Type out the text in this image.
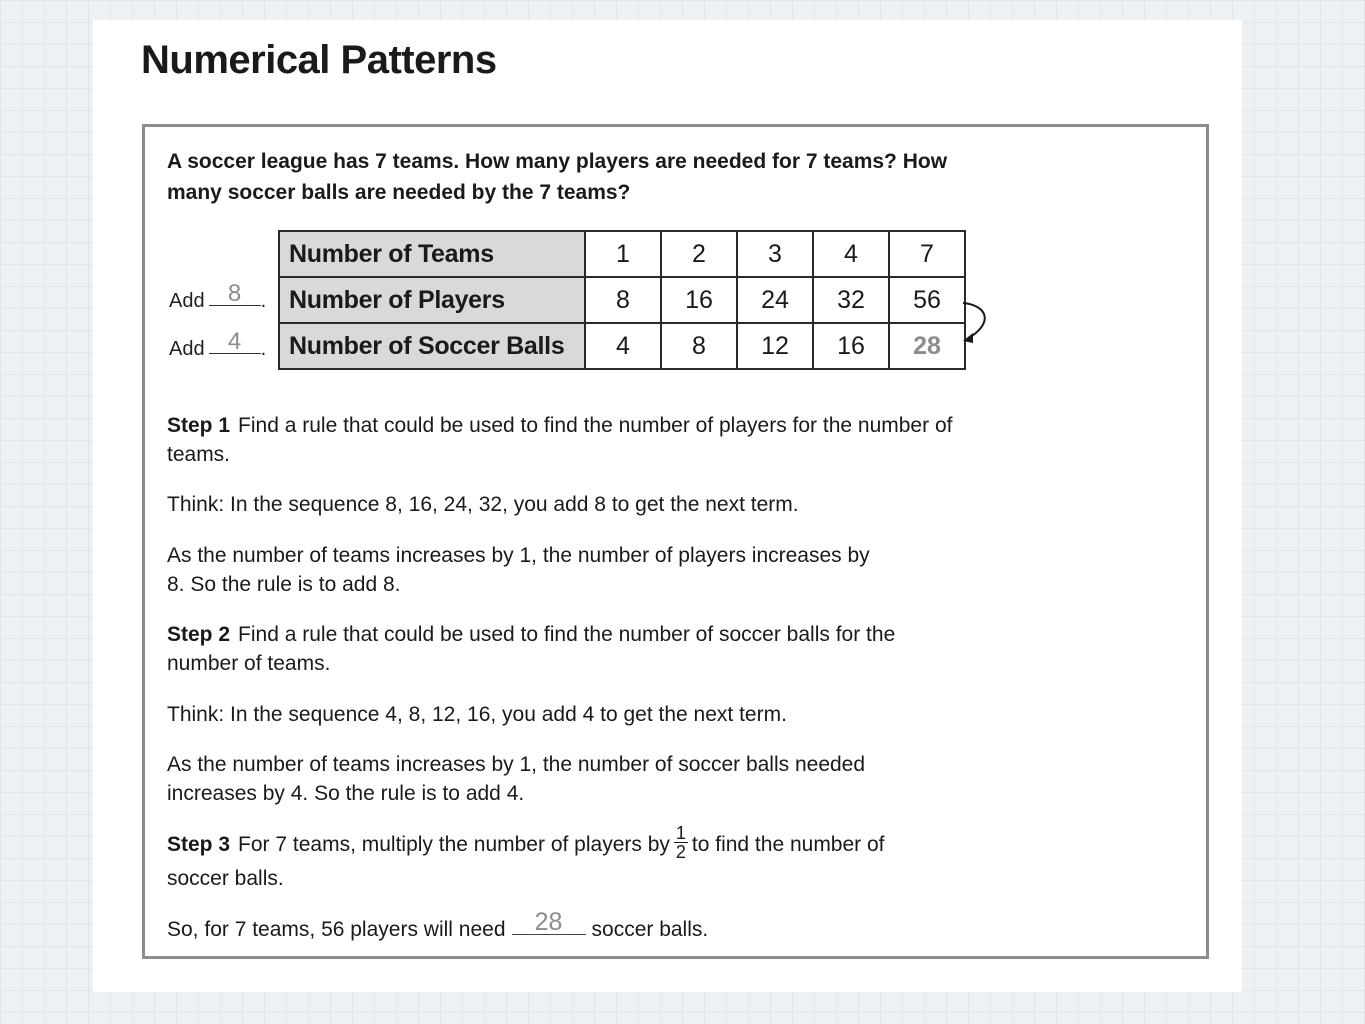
Numerical Patterns

A soccer league has 7 teams. How many players are needed for 7 teams? How many soccer balls are needed by the 7 teams?

Add 8 .
Add 4 .
Number of Teams	1	2	3	4	7
Number of Players	8	16	24	32	56
Number of Soccer Balls	4	8	12	16	28

Step 1 Find a rule that could be used to find the number of players for the number of teams.

Think: In the sequence 8, 16, 24, 32, you add 8 to get the next term.

As the number of teams increases by 1, the number of players increases by 8. So the rule is to add 8.

Step 2 Find a rule that could be used to find the number of soccer balls for the number of teams.

Think: In the sequence 4, 8, 12, 16, you add 4 to get the next term.

As the number of teams increases by 1, the number of soccer balls needed increases by 4. So the rule is to add 4.

Step 3 For 7 teams, multiply the number of players by $\frac{1}{2}$ to find the number of soccer balls.

So, for 7 teams, 56 players will need 28 soccer balls.
